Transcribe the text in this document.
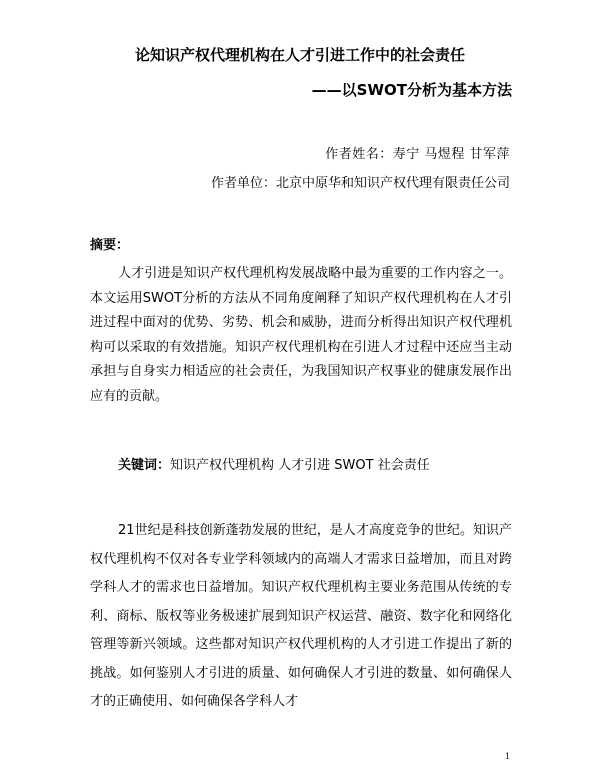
论知识产权代理机构在人才引进工作中的社会责任
——以SWOT分析为基本方法
作者姓名：寿宁 马煜程 甘军萍
作者单位：北京中原华和知识产权代理有限责任公司
摘要：

人才引进是知识产权代理机构发展战略中最为重要的工作内容之一。本文运用SWOT分析的方法从不同角度阐释了知识产权代理机构在人才引进过程中面对的优势、劣势、机会和威胁，进而分析得出知识产权代理机构可以采取的有效措施。知识产权代理机构在引进人才过程中还应当主动承担与自身实力相适应的社会责任，为我国知识产权事业的健康发展作出应有的贡献。

关键词：知识产权代理机构 人才引进 SWOT 社会责任

21世纪是科技创新蓬勃发展的世纪，是人才高度竞争的世纪。知识产权代理机构不仅对各专业学科领域内的高端人才需求日益增加，而且对跨学科人才的需求也日益增加。知识产权代理机构主要业务范围从传统的专利、商标、版权等业务极速扩展到知识产权运营、融资、数字化和网络化管理等新兴领域。这些都对知识产权代理机构的人才引进工作提出了新的挑战。如何鉴别人才引进的质量、如何确保人才引进的数量、如何确保人才的正确使用、如何确保各学科人才

1
